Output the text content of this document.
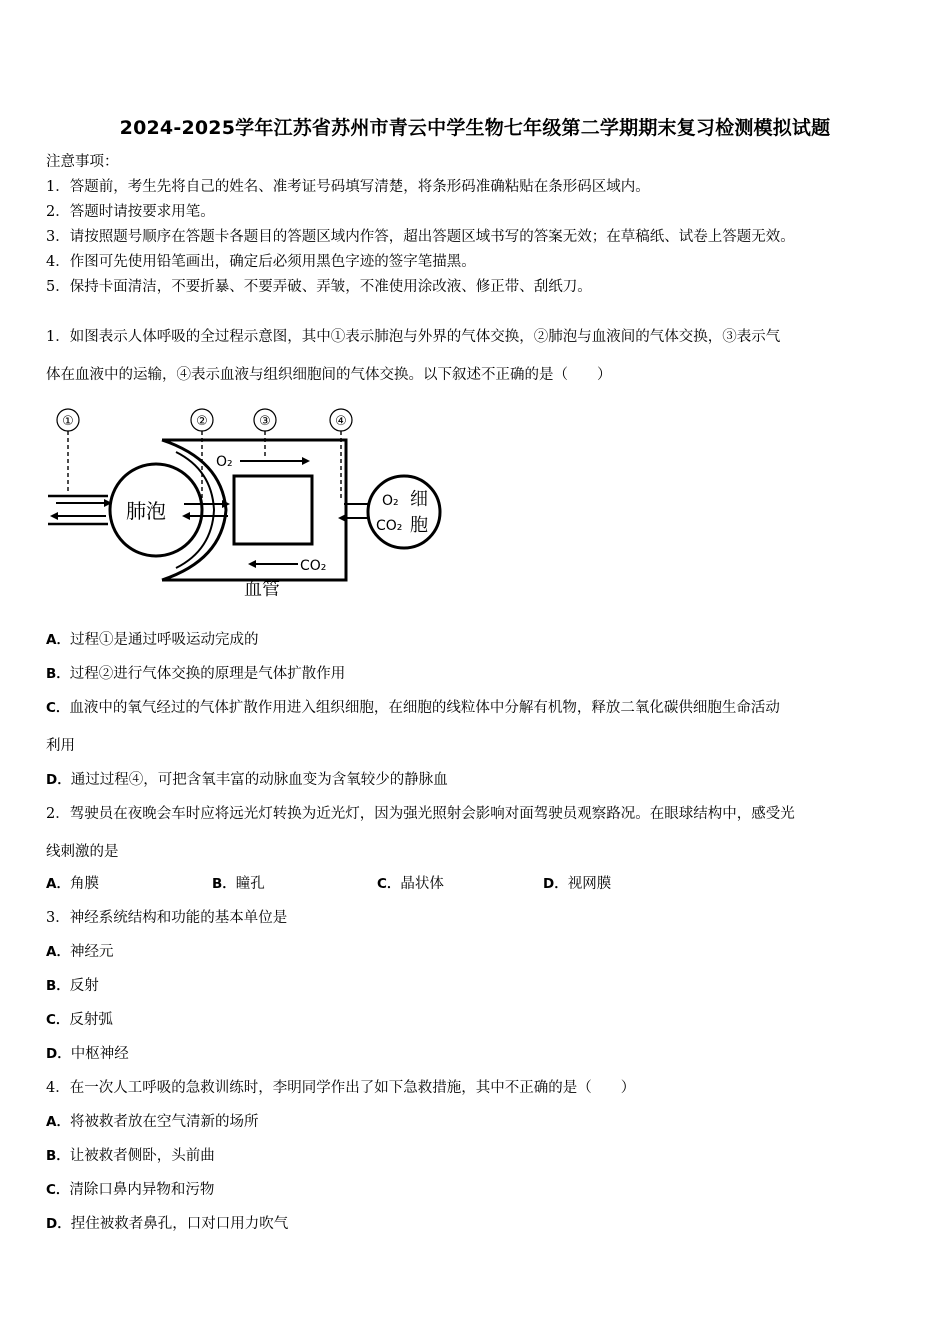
2024-2025学年江苏省苏州市青云中学生物七年级第二学期期末复习检测模拟试题
注意事项：
1．答题前，考生先将自己的姓名、准考证号码填写清楚，将条形码准确粘贴在条形码区域内。
2．答题时请按要求用笔。
3．请按照题号顺序在答题卡各题目的答题区域内作答，超出答题区域书写的答案无效；在草稿纸、试卷上答题无效。
4．作图可先使用铅笔画出，确定后必须用黑色字迹的签字笔描黑。
5．保持卡面清洁，不要折暴、不要弄破、弄皱，不准使用涂改液、修正带、刮纸刀。
1．如图表示人体呼吸的全过程示意图，其中①表示肺泡与外界的气体交换，②肺泡与血液间的气体交换，③表示气
体在血液中的运输，④表示血液与组织细胞间的气体交换。以下叙述不正确的是（　　）
①	②	③	④
肺泡
血管
O₂
CO₂
O₂
CO₂
细
胞
A．过程①是通过呼吸运动完成的
B．过程②进行气体交换的原理是气体扩散作用
C．血液中的氧气经过的气体扩散作用进入组织细胞，在细胞的线粒体中分解有机物，释放二氧化碳供细胞生命活动
利用
D．通过过程④，可把含氧丰富的动脉血变为含氧较少的静脉血
2．驾驶员在夜晚会车时应将远光灯转换为近光灯，因为强光照射会影响对面驾驶员观察路况。在眼球结构中，感受光
线刺激的是
A．角膜	B．瞳孔	C．晶状体	D．视网膜
3．神经系统结构和功能的基本单位是
A．神经元
B．反射
C．反射弧
D．中枢神经
4．在一次人工呼吸的急救训练时，李明同学作出了如下急救措施，其中不正确的是（　　）
A．将被救者放在空气清新的场所
B．让被救者侧卧，头前曲
C．清除口鼻内异物和污物
D．捏住被救者鼻孔，口对口用力吹气
